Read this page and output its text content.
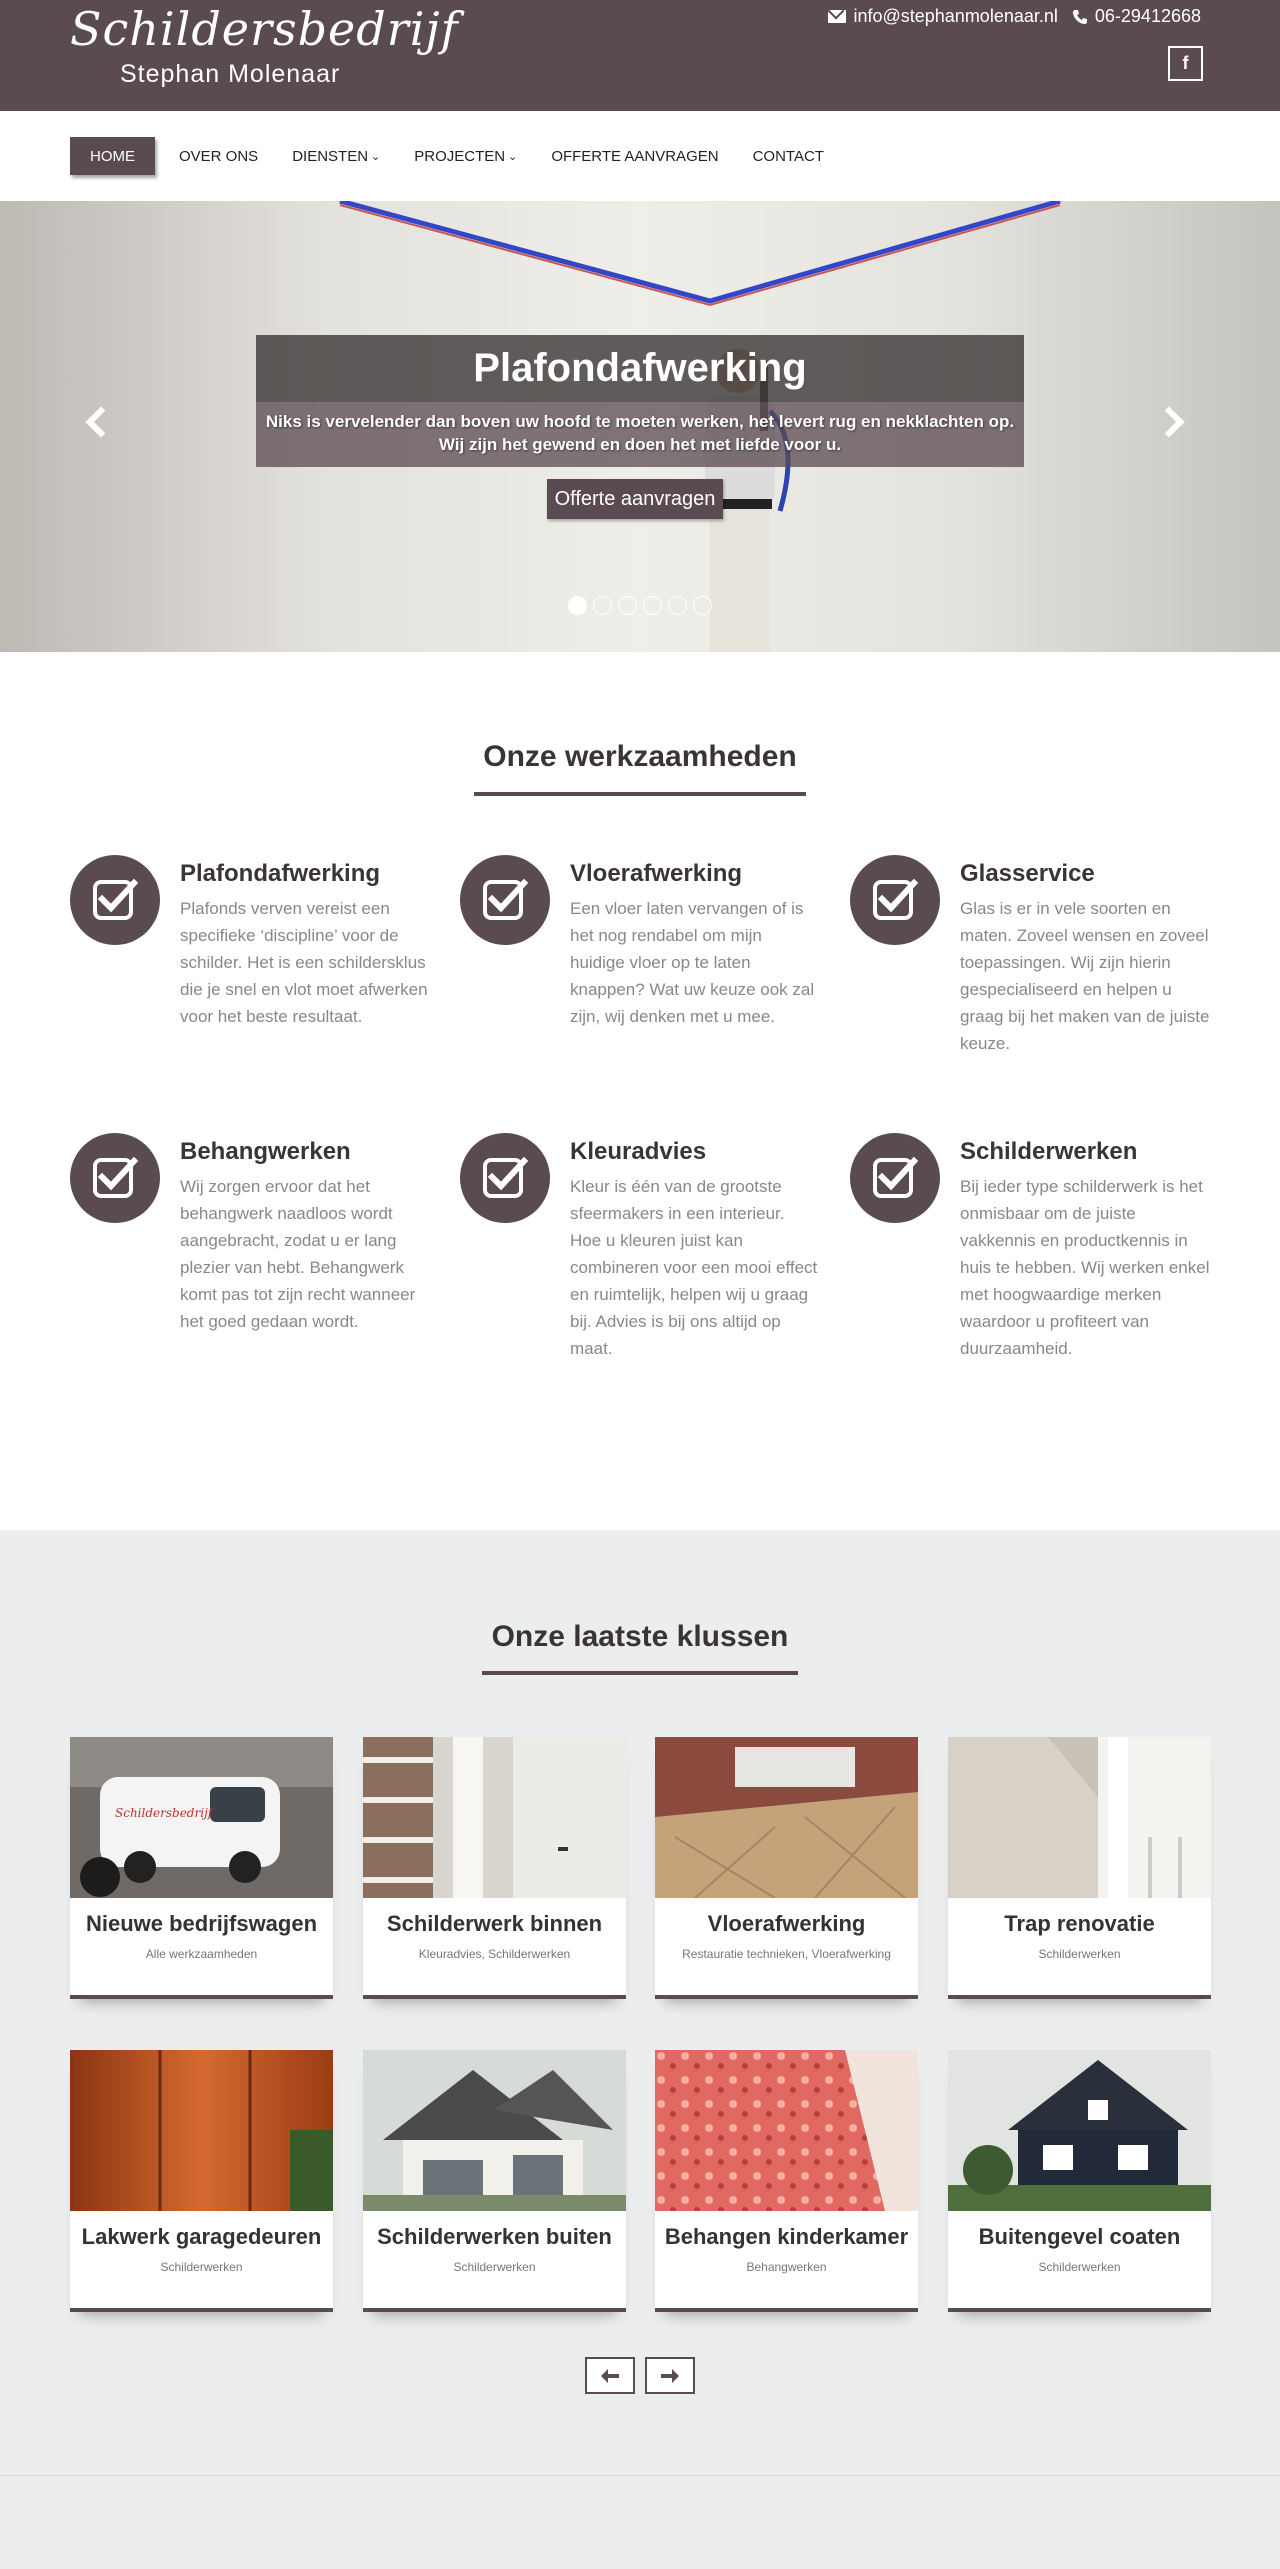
Schildersbedrijf
Stephan Molenaar
info@stephanmolenaar.nl 06-29412668
f
HOME	OVER ONS DIENSTEN ⌄ PROJECTEN ⌄ OFFERTE AANVRAGEN CONTACT
Plafondafwerking
Niks is vervelender dan boven uw hoofd te moeten werken, het levert rug en nekklachten op.
Wij zijn het gewend en doen het met liefde voor u.
Offerte aanvragen
Onze werkzaamheden
Plafondafwerking

Plafonds verven vereist een specifieke ‘discipline’ voor de schilder. Het is een schildersklus die je snel en vlot moet afwerken voor het beste resultaat.

Vloerafwerking

Een vloer laten vervangen of is het nog rendabel om mijn huidige vloer op te laten knappen? Wat uw keuze ook zal zijn, wij denken met u mee.

Glasservice

Glas is er in vele soorten en maten. Zoveel wensen en zoveel toepassingen. Wij zijn hierin gespecialiseerd en helpen u graag bij het maken van de juiste keuze.

Behangwerken

Wij zorgen ervoor dat het behangwerk naadloos wordt aangebracht, zodat u er lang plezier van hebt. Behangwerk komt pas tot zijn recht wanneer het goed gedaan wordt.

Kleuradvies

Kleur is één van de grootste sfeermakers in een interieur. Hoe u kleuren juist kan combineren voor een mooi effect en ruimtelijk, helpen wij u graag bij. Advies is bij ons altijd op maat.

Schilderwerken

Bij ieder type schilderwerk is het onmisbaar om de juiste vakkennis en productkennis in huis te hebben. Wij werken enkel met hoogwaardige merken waardoor u profiteert van duurzaamheid.

Onze laatste klussen
Schildersbedrijf
Nieuwe bedrijfswagen
Alle werkzaamheden
Schilderwerk binnen
Kleuradvies, Schilderwerken
Vloerafwerking
Restauratie technieken, Vloerafwerking
Trap renovatie
Schilderwerken
Lakwerk garagedeuren
Schilderwerken
Schilderwerken buiten
Schilderwerken
Behangen kinderkamer
Behangwerken
Buitengevel coaten
Schilderwerken
